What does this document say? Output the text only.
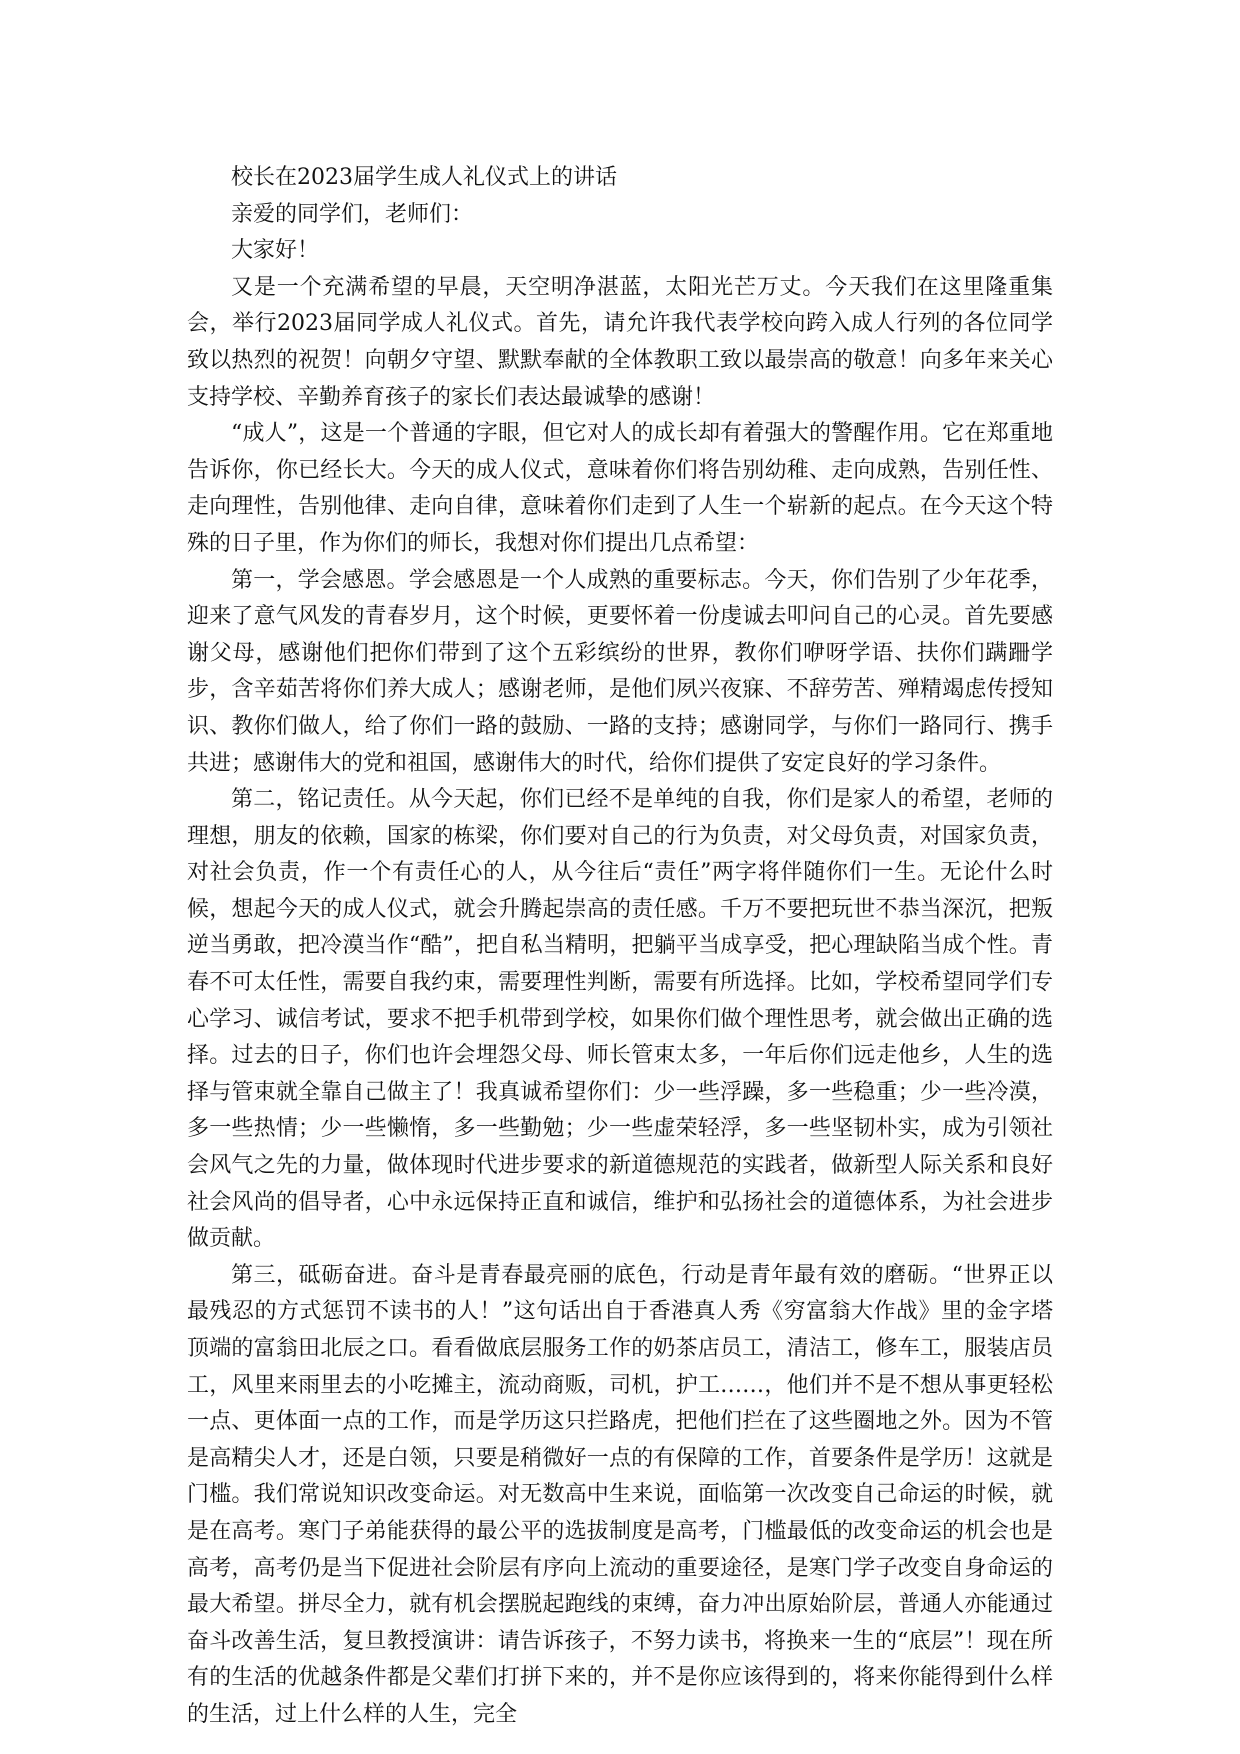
校长在2023届学生成人礼仪式上的讲话

亲爱的同学们，老师们：

大家好！

又是一个充满希望的早晨，天空明净湛蓝，太阳光芒万丈。今天我们在这里隆重集会，举行2023届同学成人礼仪式。首先，请允许我代表学校向跨入成人行列的各位同学致以热烈的祝贺！向朝夕守望、默默奉献的全体教职工致以最崇高的敬意！向多年来关心支持学校、辛勤养育孩子的家长们表达最诚挚的感谢！

“成人”，这是一个普通的字眼，但它对人的成长却有着强大的警醒作用。它在郑重地告诉你，你已经长大。今天的成人仪式，意味着你们将告别幼稚、走向成熟，告别任性、走向理性，告别他律、走向自律，意味着你们走到了人生一个崭新的起点。在今天这个特殊的日子里，作为你们的师长，我想对你们提出几点希望：

第一，学会感恩。学会感恩是一个人成熟的重要标志。今天，你们告别了少年花季，迎来了意气风发的青春岁月，这个时候，更要怀着一份虔诚去叩问自己的心灵。首先要感谢父母，感谢他们把你们带到了这个五彩缤纷的世界，教你们咿呀学语、扶你们蹒跚学步，含辛茹苦将你们养大成人；感谢老师，是他们夙兴夜寐、不辞劳苦、殚精竭虑传授知识、教你们做人，给了你们一路的鼓励、一路的支持；感谢同学，与你们一路同行、携手共进；感谢伟大的党和祖国，感谢伟大的时代，给你们提供了安定良好的学习条件。

第二，铭记责任。从今天起，你们已经不是单纯的自我，你们是家人的希望，老师的理想，朋友的依赖，国家的栋梁，你们要对自己的行为负责，对父母负责，对国家负责，对社会负责，作一个有责任心的人，从今往后“责任”两字将伴随你们一生。无论什么时候，想起今天的成人仪式，就会升腾起崇高的责任感。千万不要把玩世不恭当深沉，把叛逆当勇敢，把冷漠当作“酷”，把自私当精明，把躺平当成享受，把心理缺陷当成个性。青春不可太任性，需要自我约束，需要理性判断，需要有所选择。比如，学校希望同学们专心学习、诚信考试，要求不把手机带到学校，如果你们做个理性思考，就会做出正确的选择。过去的日子，你们也许会埋怨父母、师长管束太多，一年后你们远走他乡，人生的选择与管束就全靠自己做主了！我真诚希望你们：少一些浮躁，多一些稳重；少一些冷漠，多一些热情；少一些懒惰，多一些勤勉；少一些虚荣轻浮，多一些坚韧朴实，成为引领社会风气之先的力量，做体现时代进步要求的新道德规范的实践者，做新型人际关系和良好社会风尚的倡导者，心中永远保持正直和诚信，维护和弘扬社会的道德体系，为社会进步做贡献。

第三，砥砺奋进。奋斗是青春最亮丽的底色，行动是青年最有效的磨砺。“世界正以最残忍的方式惩罚不读书的人！”这句话出自于香港真人秀《穷富翁大作战》里的金字塔顶端的富翁田北辰之口。看看做底层服务工作的奶茶店员工，清洁工，修车工，服装店员工，风里来雨里去的小吃摊主，流动商贩，司机，护工……，他们并不是不想从事更轻松一点、更体面一点的工作，而是学历这只拦路虎，把他们拦在了这些圈地之外。因为不管是高精尖人才，还是白领，只要是稍微好一点的有保障的工作，首要条件是学历！这就是门槛。我们常说知识改变命运。对无数高中生来说，面临第一次改变自己命运的时候，就是在高考。寒门子弟能获得的最公平的选拔制度是高考，门槛最低的改变命运的机会也是高考，高考仍是当下促进社会阶层有序向上流动的重要途径，是寒门学子改变自身命运的最大希望。拼尽全力，就有机会摆脱起跑线的束缚，奋力冲出原始阶层，普通人亦能通过奋斗改善生活，复旦教授演讲：请告诉孩子，不努力读书，将换来一生的“底层”！现在所有的生活的优越条件都是父辈们打拼下来的，并不是你应该得到的，将来你能得到什么样的生活，过上什么样的人生，完全
